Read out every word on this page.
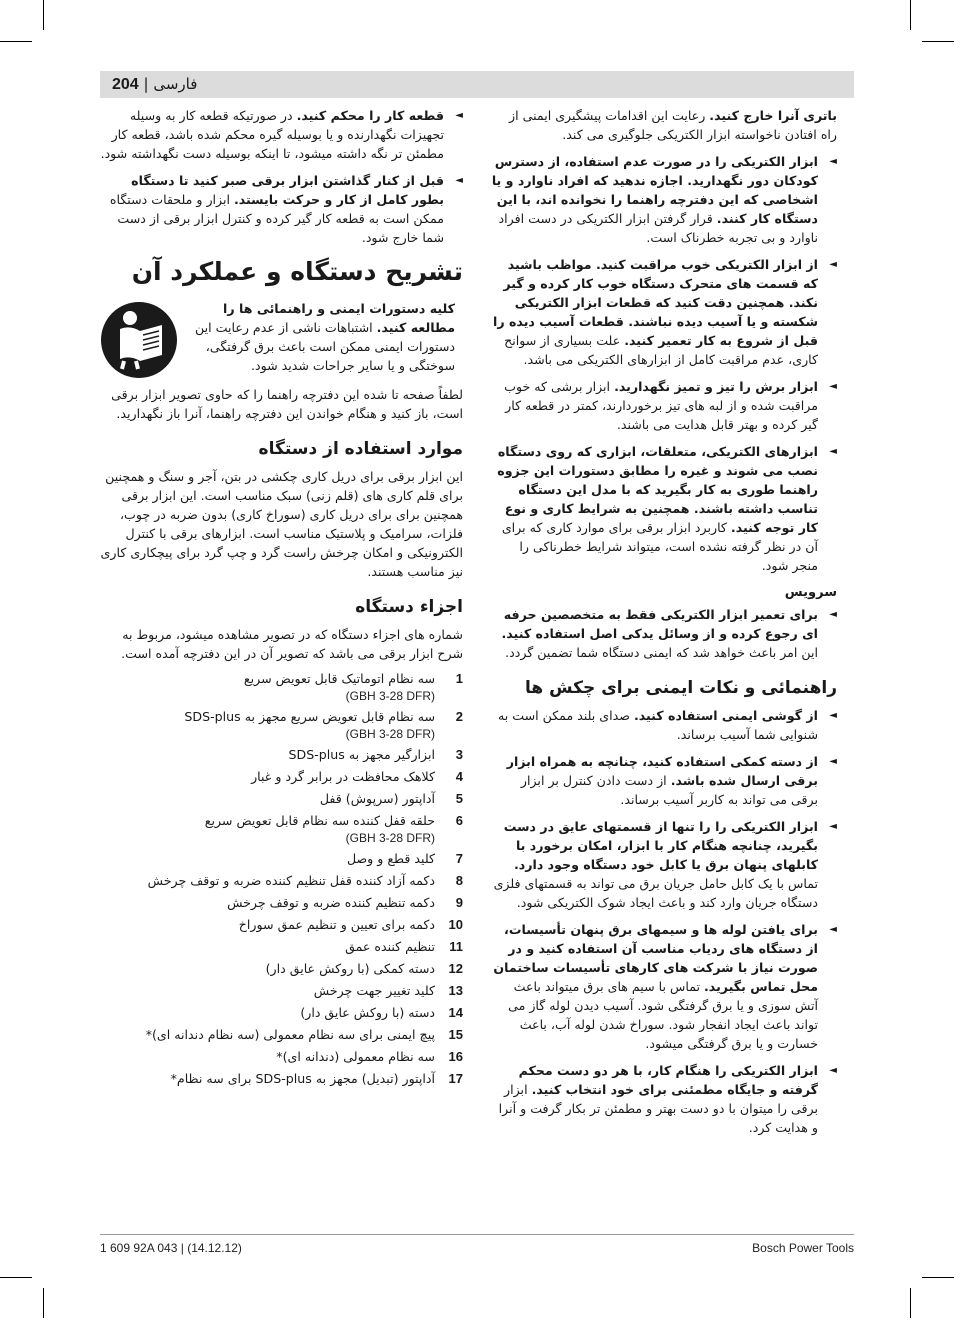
204 | فارسی

باتری آنرا خارج کنید. رعایت این اقدامات پیشگیری ایمنی از راه افتادن ناخواسته ابزار الکتریکی جلوگیری می کند.

◄
ابزار الکتریکی را در صورت عدم استفاده، از دسترس کودکان دور نگهدارید. اجازه ندهید که افراد ناوارد و یا اشخاصی که این دفترچه راهنما را نخوانده اند، با این دستگاه کار کنند. قرار گرفتن ابزار الکتریکی در دست افراد ناوارد و بی تجربه خطرناک است.
◄
از ابزار الکتریکی خوب مراقبت کنید. مواظب باشید که قسمت های متحرک دستگاه خوب کار کرده و گیر نکند. همچنین دقت کنید که قطعات ابزار الکتریکی شکسته و یا آسیب دیده نباشند. قطعات آسیب دیده را قبل از شروع به کار تعمیر کنید. علت بسیاری از سوانح کاری، عدم مراقبت کامل از ابزارهای الکتریکی می باشد.
◄
ابزار برش را تیز و تمیز نگهدارید. ابزار برشی که خوب مراقبت شده و از لبه های تیز برخوردارند، کمتر در قطعه کار گیر کرده و بهتر قابل هدایت می باشند.
◄
ابزارهای الکتریکی، متعلقات، ابزاری که روی دستگاه نصب می شوند و غیره را مطابق دستورات این جزوه راهنما طوری به کار بگیرید که با مدل این دستگاه تناسب داشته باشند. همچنین به شرایط کاری و نوع کار توجه کنید. کاربرد ابزار برقی برای موارد کاری که برای آن در نظر گرفته نشده است، میتواند شرایط خطرناکی را منجر شود.
سرویس
◄
برای تعمیر ابزار الکتریکی فقط به متخصصین حرفه ای رجوع کرده و از وسائل یدکی اصل استفاده کنید. این امر باعث خواهد شد که ایمنی دستگاه شما تضمین گردد.
راهنمائی و نکات ایمنی برای چکش ها
◄
از گوشی ایمنی استفاده کنید. صدای بلند ممکن است به شنوایی شما آسیب برساند.
◄
از دسته کمکی استفاده کنید، چنانچه به همراه ابزار برقی ارسال شده باشد. از دست دادن کنترل بر ابزار برقی می تواند به کاربر آسیب برساند.
◄
ابزار الکتریکی را را تنها از قسمتهای عایق در دست بگیرید، چنانچه هنگام کار با ابزار، امکان برخورد با کابلهای پنهان برق یا کابل خود دستگاه وجود دارد. تماس با یک کابل حامل جریان برق می تواند به قسمتهای فلزی دستگاه جریان وارد کند و باعث ایجاد شوک الکتریکی شود.
◄
برای یافتن لوله ها و سیمهای برق پنهان تأسیسات، از دستگاه های ردیاب مناسب آن استفاده کنید و در صورت نیاز با شرکت های کارهای تأسیسات ساختمان محل تماس بگیرید. تماس با سیم های برق میتواند باعث آتش سوزی و یا برق گرفتگی شود. آسیب دیدن لوله گاز می تواند باعث ایجاد انفجار شود. سوراخ شدن لوله آب، باعث خسارت و یا برق گرفتگی میشود.
◄
ابزار الکتریکی را هنگام کار، با هر دو دست محکم گرفته و جایگاه مطمئنی برای خود انتخاب کنید. ابزار برقی را میتوان با دو دست بهتر و مطمئن تر بکار گرفت و آنرا و هدایت کرد.
◄
قطعه کار را محکم کنید. در صورتیکه قطعه کار به وسیله تجهیزات نگهدارنده و یا بوسیله گیره محکم شده باشد، قطعه کار مطمئن تر نگه داشته میشود، تا اینکه بوسیله دست نگهداشته شود.
◄
قبل از کنار گذاشتن ابزار برقی صبر کنید تا دستگاه بطور کامل از کار و حرکت بایستد. ابزار و ملحقات دستگاه ممکن است به قطعه کار گیر کرده و کنترل ابزار برقی از دست شما خارج شود.
تشریح دستگاه و عملکرد آن
کلیه دستورات ایمنی و راهنمائی ها را مطالعه کنید. اشتباهات ناشی از عدم رعایت این دستورات ایمنی ممکن است باعث برق گرفتگی، سوختگی و یا سایر جراحات شدید شود.

لطفاً صفحه تا شده این دفترچه راهنما را که حاوی تصویر ابزار برقی است، باز کنید و هنگام خواندن این دفترچه راهنما، آنرا باز نگهدارید.

موارد استفاده از دستگاه

این ابزار برقی برای دریل کاری چکشی در بتن، آجر و سنگ و همچنین برای قلم کاری های (قلم زنی) سبک مناسب است. این ابزار برقی همچنین برای برای دریل کاری (سوراخ کاری) بدون ضربه در چوب، فلزات، سرامیک و پلاستیک مناسب است. ابزارهای برقی با کنترل الکترونیکی و امکان چرخش راست گرد و چپ گرد برای پیچکاری کاری نیز مناسب هستند.

اجزاء دستگاه

شماره های اجزاء دستگاه که در تصویر مشاهده میشود، مربوط به شرح ابزار برقی می باشد که تصویر آن در این دفترچه آمده است.

1
سه نظام اتوماتیک قابل تعویض سریع
(GBH 3-28 DFR)
2
سه نظام قابل تعویض سریع مجهز به SDS-plus
(GBH 3-28 DFR)
3
ابزارگیر مجهز به SDS-plus
4
کلاهک محافظت در برابر گرد و غبار
5
آداپتور (سرپوش) قفل
6
حلقه قفل کننده سه نظام قابل تعویض سریع
(GBH 3-28 DFR)
7
کلید قطع و وصل
8
دکمه آزاد کننده قفل تنظیم کننده ضربه و توقف چرخش
9
دکمه تنظیم کننده ضربه و توقف چرخش
10
دکمه برای تعیین و تنظیم عمق سوراخ
11
تنظیم کننده عمق
12
دسته کمکی (با روکش عایق دار)
13
کلید تغییر جهت چرخش
14
دسته (با روکش عایق دار)
15
پیچ ایمنی برای سه نظام معمولی (سه نظام دندانه ای)*
16
سه نظام معمولی (دندانه ای)*
17
آداپتور (تبدیل) مجهز به SDS-plus برای سه نظام*
1 609 92A 043 | (14.12.12)	Bosch Power Tools
